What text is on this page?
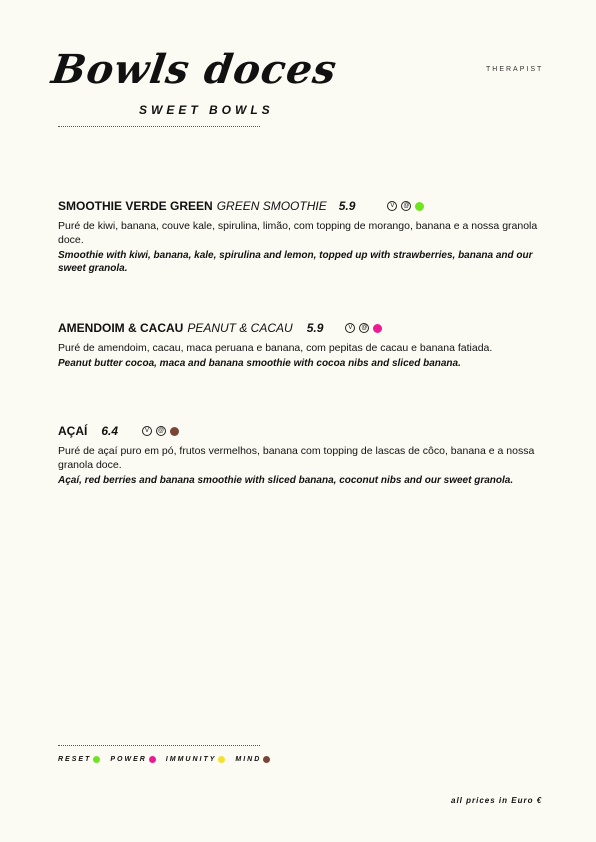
Bowls doces
SWEET BOWLS
THERAPIST
SMOOTHIE VERDE GREEN GREEN SMOOTHIE 5.9	V	@
Puré de kiwi, banana, couve kale, spirulina, limão, com topping de morango, banana e a nossa granola doce.
Smoothie with kiwi, banana, kale, spirulina and lemon, topped up with strawberries, banana and our sweet granola.
AMENDOIM & CACAU PEANUT & CACAU 5.9	V	@
Puré de amendoim, cacau, maca peruana e banana, com pepitas de cacau e banana fatiada.
Peanut butter cocoa, maca and banana smoothie with cocoa nibs and sliced banana.
AÇAÍ 6.4	V	@
Puré de açaí puro em pó, frutos vermelhos, banana com topping de lascas de côco, banana e a nossa granola doce.
Açaí, red berries and banana smoothie with sliced banana, coconut nibs and our sweet granola.
RESET	POWER	IMMUNITY	MIND
all prices in Euro €
